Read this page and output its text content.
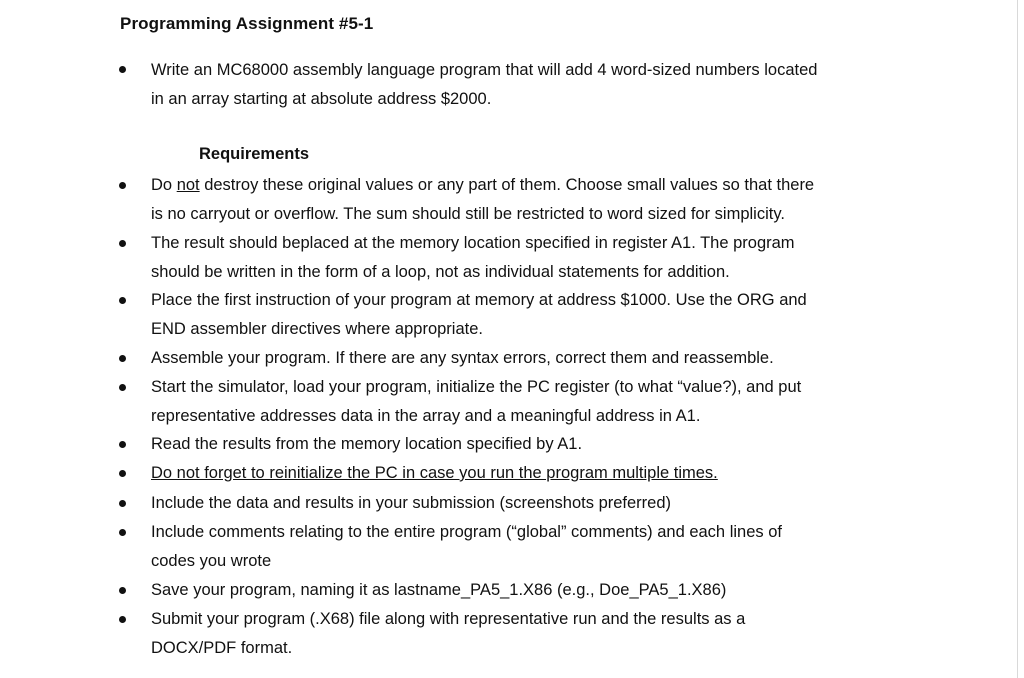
Programming Assignment #5-1
Write an MC68000 assembly language program that will add 4 word-sized numbers located
in an array starting at absolute address $2000.
Requirements
Do not destroy these original values or any part of them. Choose small values so that there
is no carryout or overflow. The sum should still be restricted to word sized for simplicity.
The result should beplaced at the memory location specified in register A1. The program
should be written in the form of a loop, not as individual statements for addition.
Place the first instruction of your program at memory at address $1000. Use the ORG and
END assembler directives where appropriate.
Assemble your program. If there are any syntax errors, correct them and reassemble.
Start the simulator, load your program, initialize the PC register (to what “value?), and put
representative addresses data in the array and a meaningful address in A1.
Read the results from the memory location specified by A1.
Do not forget to reinitialize the PC in case you run the program multiple times.
Include the data and results in your submission (screenshots preferred)
Include comments relating to the entire program (“global” comments) and each lines of
codes you wrote
Save your program, naming it as lastname_PA5_1.X86 (e.g., Doe_PA5_1.X86)
Submit your program (.X68) file along with representative run and the results as a
DOCX/PDF format.
